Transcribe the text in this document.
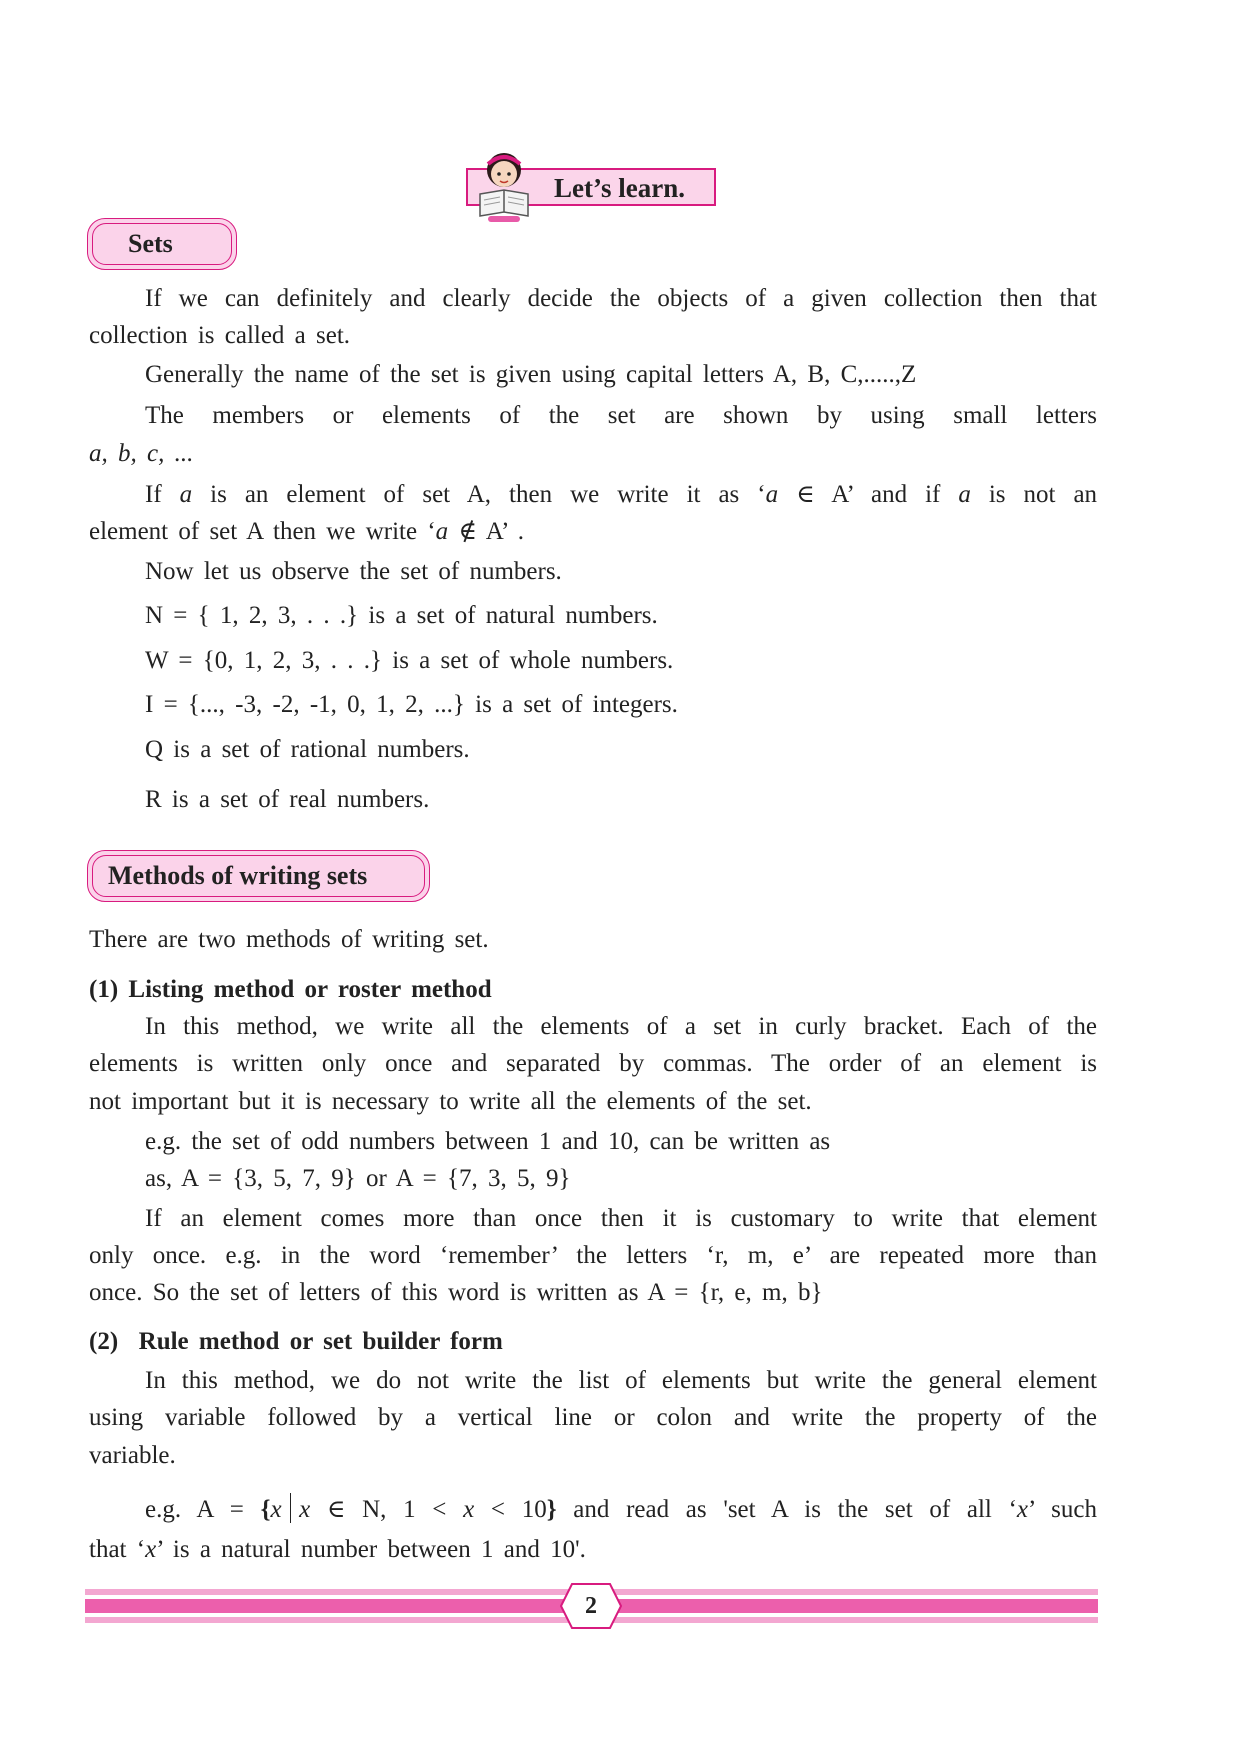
Let’s learn.
Sets
If we can definitely and clearly decide the objects of a given collection then that
collection is called a set.
Generally the name of the set is given using capital letters A, B, C,.....,Z
The members or elements of the set are shown by using small letters
a, b, c, ...
If a is an element of set A, then we write it as ‘a ∈ A’ and if a is not an
element of set A then we write ‘a ∉ A’ .
Now let us observe the set of numbers.
N = { 1, 2, 3, . . .} is a set of natural numbers.
W = {0, 1, 2, 3, . . .} is a set of whole numbers.
I = {..., -3, -2, -1, 0, 1, 2, ...} is a set of integers.
Q is a set of rational numbers.
R is a set of real numbers.
Methods of writing sets
There are two methods of writing set.
(1) Listing method or roster method
In this method, we write all the elements of a set in curly bracket. Each of the
elements is written only once and separated by commas. The order of an element is
not important but it is necessary to write all the elements of the set.
e.g. the set of odd numbers between 1 and 10, can be written as
as, A = {3, 5, 7, 9} or A = {7, 3, 5, 9}
If an element comes more than once then it is customary to write that element
only once. e.g. in the word ‘remember’ the letters ‘r, m, e’ are repeated more than
once. So the set of letters of this word is written as A = {r, e, m, b}
(2) Rule method or set builder form
In this method, we do not write the list of elements but write the general element
using variable followed by a vertical line or colon and write the property of the
variable.
e.g. A = {x x ∈ N, 1 < x < 10} and read as 'set A is the set of all ‘x’ such
that ‘x’ is a natural number between 1 and 10'.
2
